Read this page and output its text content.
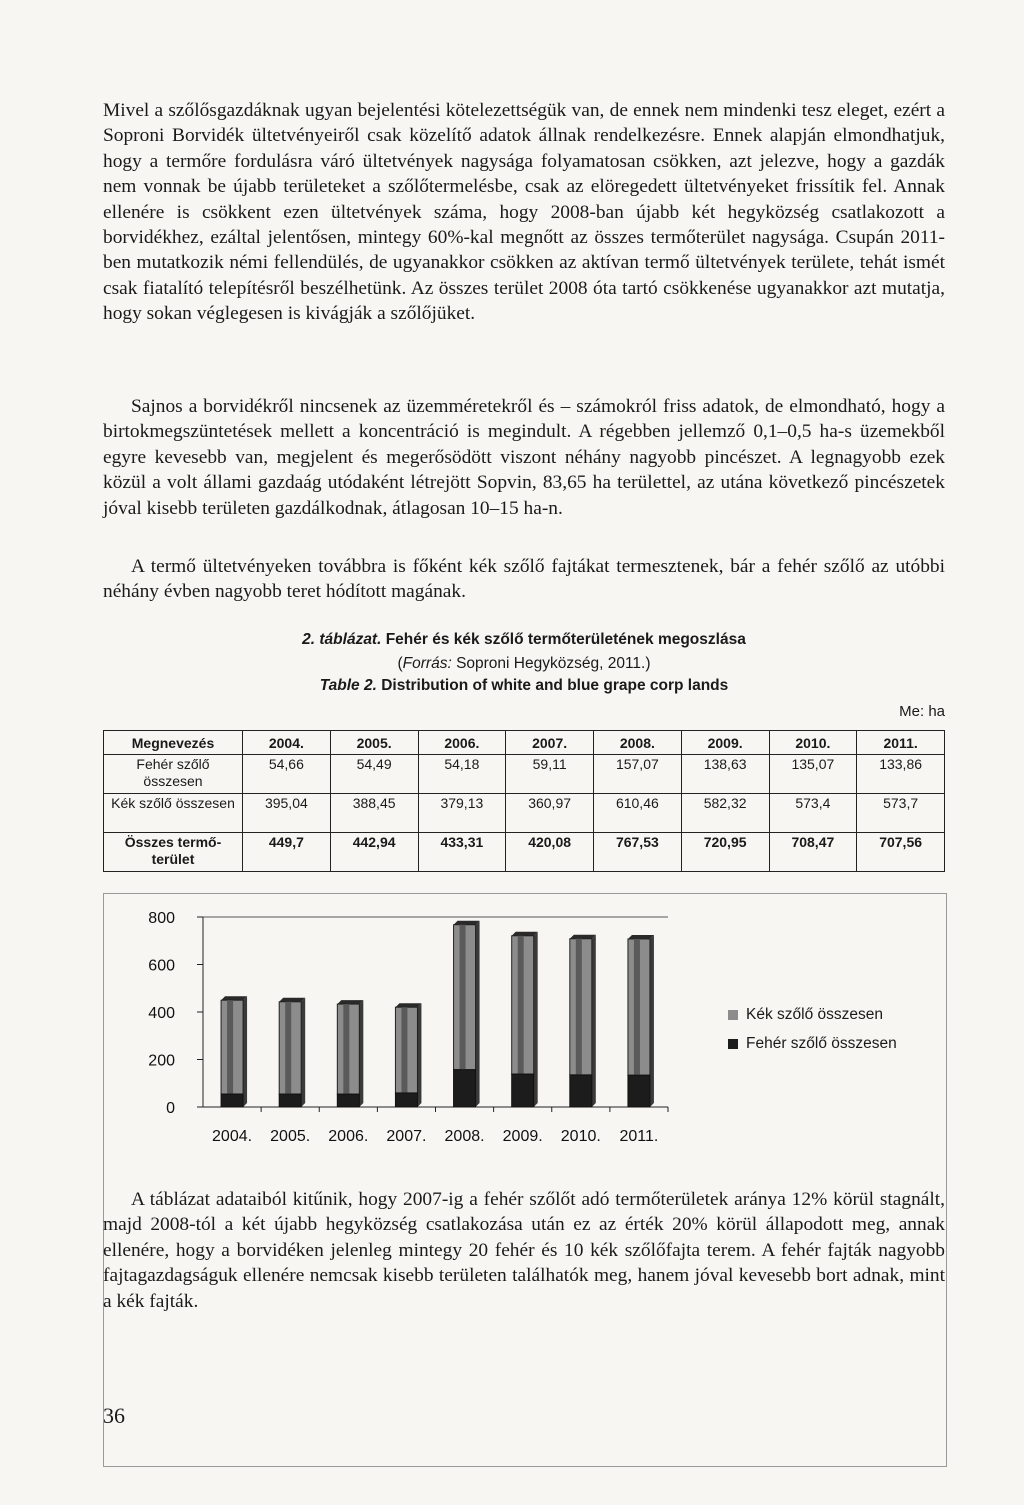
Mivel a szőlősgazdáknak ugyan bejelentési kötelezettségük van, de ennek nem mindenki tesz eleget, ezért a Soproni Borvidék ültetvényeiről csak közelítő adatok állnak rendelkezésre. Ennek alapján elmondhatjuk, hogy a termőre fordulásra váró ültetvények nagysága folyamatosan csökken, azt jelezve, hogy a gazdák nem vonnak be újabb területeket a szőlőtermelésbe, csak az elöregedett ültetvényeket frissítik fel. Annak ellenére is csökkent ezen ültetvények száma, hogy 2008-ban újabb két hegyközség csatlakozott a borvidékhez, ezáltal jelentősen, mintegy 60%-kal megnőtt az összes termőterület nagysága. Csupán 2011-ben mutatkozik némi fellendülés, de ugyanakkor csökken az aktívan termő ültetvények területe, tehát ismét csak fiatalító telepítésről beszélhetünk. Az összes terület 2008 óta tartó csökkenése ugyanakkor azt mutatja, hogy sokan véglegesen is kivágják a szőlőjüket.

Sajnos a borvidékről nincsenek az üzemméretekről és – számokról friss adatok, de elmondható, hogy a birtokmegszüntetések mellett a koncentráció is megindult. A régebben jellemző 0,1–0,5 ha-s üzemekből egyre kevesebb van, megjelent és megerősödött viszont néhány nagyobb pincészet. A legnagyobb ezek közül a volt állami gazdaág utódaként létrejött Sopvin, 83,65 ha területtel, az utána következő pincészetek jóval kisebb területen gazdálkodnak, átlagosan 10–15 ha-n.

A termő ültetvényeken továbbra is főként kék szőlő fajtákat termesztenek, bár a fehér szőlő az utóbbi néhány évben nagyobb teret hódított magának.

2. táblázat. Fehér és kék szőlő termőterületének megoszlása
(Forrás: Soproni Hegyközség, 2011.)
Table 2. Distribution of white and blue grape corp lands
Me: ha
Megnevezés	2004.	2005.	2006.	2007.	2008.	2009.	2010.	2011.
Fehér szőlő összesen	54,66	54,49	54,18	59,11	157,07	138,63	135,07	133,86
Kék szőlő összesen	395,04	388,45	379,13	360,97	610,46	582,32	573,4	573,7
Összes termő-terület	449,7	442,94	433,31	420,08	767,53	720,95	708,47	707,56
0
200
400
600
800
2004. 2005. 2006. 2007. 2008. 2009. 2010. 2011.
Kék szőlő összesen
Fehér szőlő összesen

A táblázat adataiból kitűnik, hogy 2007-ig a fehér szőlőt adó termőterületek aránya 12% körül stagnált, majd 2008-tól a két újabb hegyközség csatlakozása után ez az érték 20% körül állapodott meg, annak ellenére, hogy a borvidéken jelenleg mintegy 20 fehér és 10 kék szőlőfajta terem. A fehér fajták nagyobb fajtagazdagságuk ellenére nemcsak kisebb területen találhatók meg, hanem jóval kevesebb bort adnak, mint a kék fajták.

36
